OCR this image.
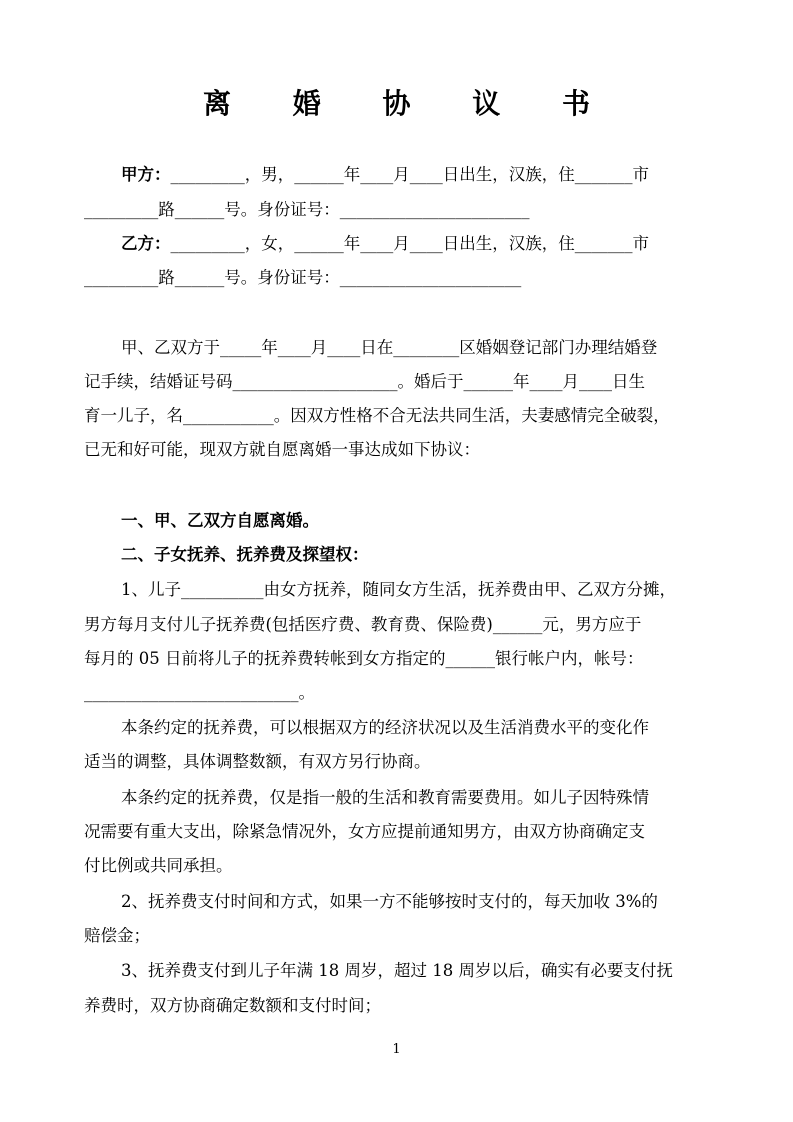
离 婚 协 议 书
甲方：_________，男，______年____月____日出生，汉族，住_______市
_________路______号。身份证号：_______________________
乙方：_________，女，______年____月____日出生，汉族，住_______市
_________路______号。身份证号：______________________
甲、乙双方于_____年____月____日在________区婚姻登记部门办理结婚登
记手续，结婚证号码____________________。婚后于______年____月____日生
育一儿子，名___________。因双方性格不合无法共同生活，夫妻感情完全破裂，
已无和好可能，现双方就自愿离婚一事达成如下协议：
一、甲、乙双方自愿离婚。
二、子女抚养、抚养费及探望权：
1、儿子__________由女方抚养，随同女方生活，抚养费由甲、乙双方分摊，
男方每月支付儿子抚养费(包括医疗费、教育费、保险费)______元，男方应于
每月的 05 日前将儿子的抚养费转帐到女方指定的______银行帐户内，帐号：
__________________________。
本条约定的抚养费，可以根据双方的经济状况以及生活消费水平的变化作
适当的调整，具体调整数额，有双方另行协商。
本条约定的抚养费，仅是指一般的生活和教育需要费用。如儿子因特殊情
况需要有重大支出，除紧急情况外，女方应提前通知男方，由双方协商确定支
付比例或共同承担。
2、抚养费支付时间和方式，如果一方不能够按时支付的，每天加收 3%的
赔偿金；
3、抚养费支付到儿子年满 18 周岁，超过 18 周岁以后，确实有必要支付抚
养费时，双方协商确定数额和支付时间；
1
